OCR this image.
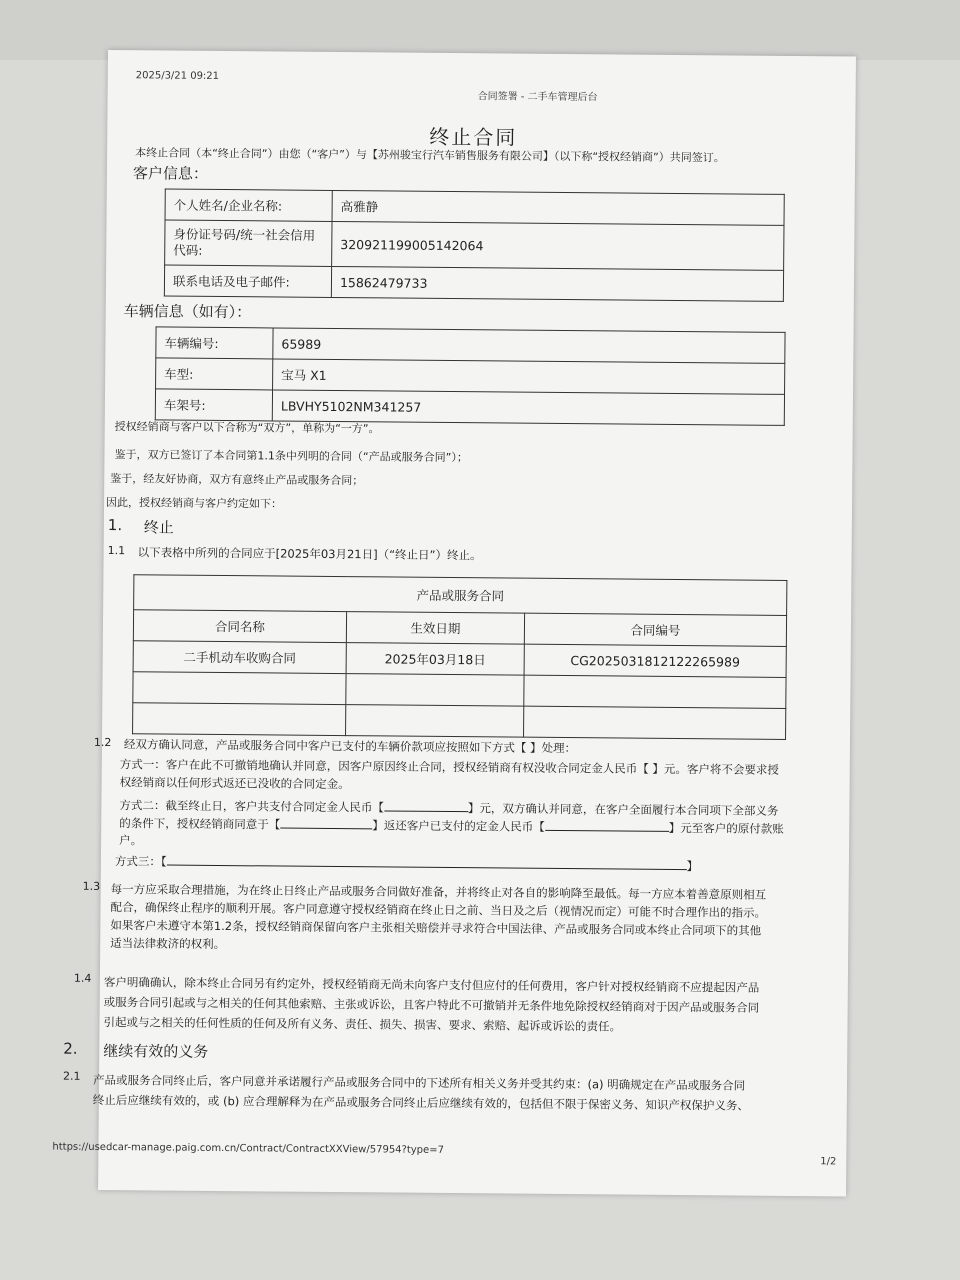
2025/3/21 09:21
合同签署 - 二手车管理后台
终止合同
本终止合同（本“终止合同”）由您（“客户”）与【苏州骏宝行汽车销售服务有限公司】（以下称“授权经销商”）共同签订。
客户信息：
个人姓名/企业名称:	高雅静
身份证号码/统一社会信用代码:	320921199005142064
联系电话及电子邮件:	15862479733
车辆信息（如有）：
车辆编号:	65989
车型:	宝马 X1
车架号:	LBVHY5102NM341257
授权经销商与客户以下合称为“双方”，单称为“一方”。
鉴于，双方已签订了本合同第1.1条中列明的合同（“产品或服务合同”）；
鉴于，经友好协商，双方有意终止产品或服务合同；
因此，授权经销商与客户约定如下：
1. 终止
1.1 以下表格中所列的合同应于[2025年03月21日]（“终止日”）终止。
产品或服务合同		
合同名称	生效日期	合同编号
二手机动车收购合同	2025年03月18日	CG2025031812122265989

1.2 经双方确认同意，产品或服务合同中客户已支付的车辆价款项应按照如下方式【 】处理：
方式一：客户在此不可撤销地确认并同意，因客户原因终止合同，授权经销商有权没收合同定金人民币【 】元。客户将不会要求授
权经销商以任何形式返还已没收的合同定金。
方式二：截至终止日，客户共支付合同定金人民币【	】元，双方确认并同意，在客户全面履行本合同项下全部义务
的条件下，授权经销商同意于【	】返还客户已支付的定金人民币【	】元至客户的原付款账
户。
方式三：【	】
1.3 每一方应采取合理措施，为在终止日终止产品或服务合同做好准备，并将终止对各自的影响降至最低。每一方应本着善意原则相互
配合，确保终止程序的顺利开展。客户同意遵守授权经销商在终止日之前、当日及之后（视情况而定）可能不时合理作出的指示。
如果客户未遵守本第1.2条，授权经销商保留向客户主张相关赔偿并寻求符合中国法律、产品或服务合同或本终止合同项下的其他
适当法律救济的权利。
1.4 客户明确确认，除本终止合同另有约定外，授权经销商无尚未向客户支付但应付的任何费用，客户针对授权经销商不应提起因产品
或服务合同引起或与之相关的任何其他索赔、主张或诉讼，且客户特此不可撤销并无条件地免除授权经销商对于因产品或服务合同
引起或与之相关的任何性质的任何及所有义务、责任、损失、损害、要求、索赔、起诉或诉讼的责任。
2. 继续有效的义务
2.1 产品或服务合同终止后，客户同意并承诺履行产品或服务合同中的下述所有相关义务并受其约束：(a) 明确规定在产品或服务合同
终止后应继续有效的，或 (b) 应合理解释为在产品或服务合同终止后应继续有效的，包括但不限于保密义务、知识产权保护义务、
https://usedcar-manage.paig.com.cn/Contract/ContractXXView/57954?type=7
1/2
